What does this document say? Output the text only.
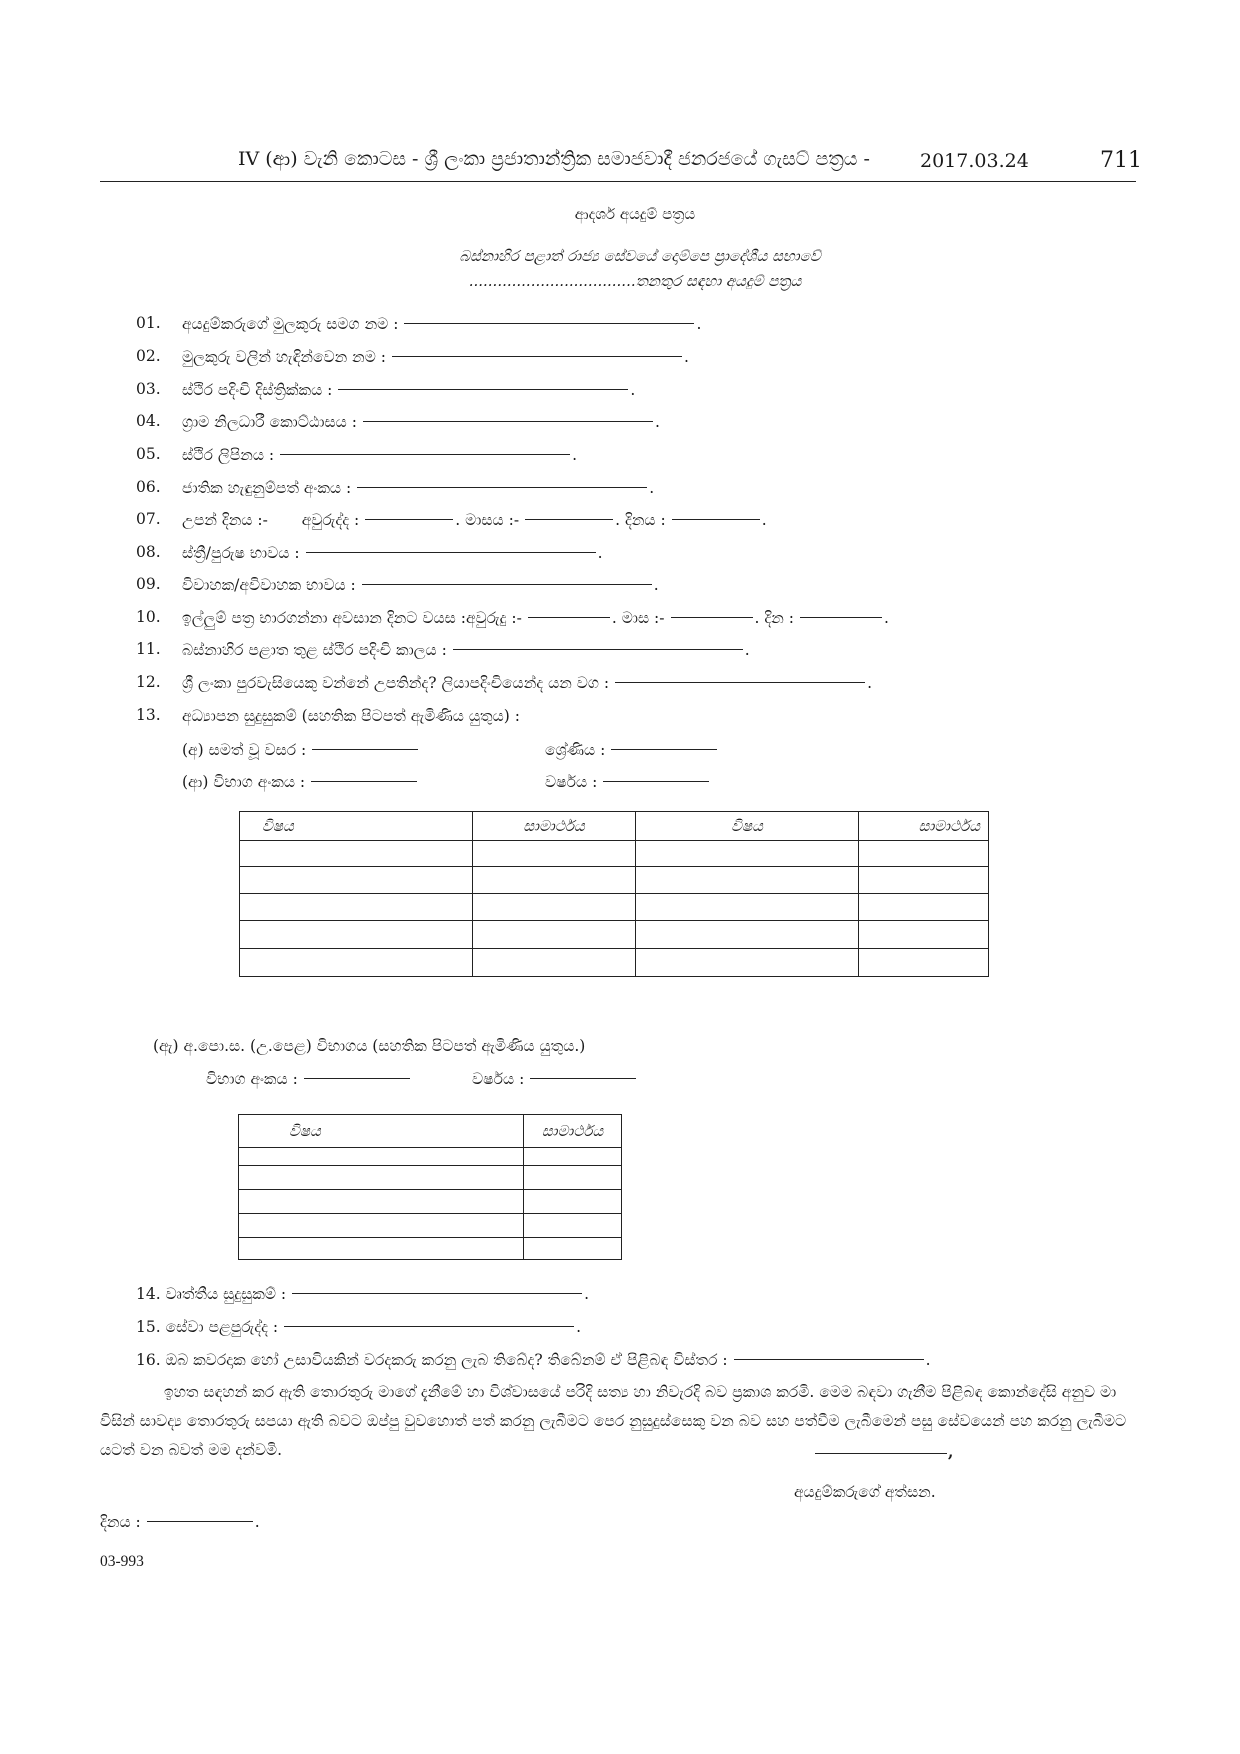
IV (ආ) වැනි කොටස - ශ්‍රී ලංකා ප්‍රජාතාන්ත්‍රික සමාජවාදී ජනරජයේ ගැසට් පත්‍රය -	2017.03.24	711
ආදර්ශ අයදුම් පත්‍රය
බස්නාහිර පළාත් රාජ්‍ය සේවයේ දොම්පෙ ප්‍රාදේශීය සභාවේ
...................................තනතුර සඳහා අයදුම් පත්‍රය
01. අයදුම්කරුගේ මුලකුරු සමග නම :	.
02. මුලකුරු වලින් හැඳින්වෙන නම :	.
03. ස්ථිර පදිංචි දිස්ත්‍රික්කය :	.
04. ග්‍රාම නිලධාරී කොට්ඨාසය :	.
05. ස්ථිර ලිපිනය :	.
06. ජාතික හැඳුනුම්පත් අංකය :	.
07. උපන් දිනය :- අවුරුද්ද :	. මාසය :-	. දිනය :	.
08. ස්ත්‍රී/පුරුෂ භාවය :	.
09. විවාහක/අවිවාහක භාවය :	.
10. ඉල්ලුම් පත්‍ර භාරගන්නා අවසාන දිනට වයස :අවුරුදු :-	. මාස :-	. දින :	.
11. බස්නාහිර පළාත තුළ ස්ථිර පදිංචි කාලය :	.
12. ශ්‍රී ලංකා පුරවැසියෙකු වන්නේ උපතින්ද? ලියාපදිංචියෙන්ද යන වග :	.
13. අධ්‍යාපන සුදුසුකම් (සහතික පිටපත් ඇමිණිය යුතුය) :
(අ) සමත් වූ වසර :	ශ්‍රේණිය :
(ආ) විභාග අංකය :	වර්ෂය :
විෂය	සාමාර්ථය	විෂය	සාමාර්ථය

(ඇ) අ.පො.ස. (උ.පෙළ) විභාගය (සහතික පිටපත් ඇමිණිය යුතුය.)
විභාග අංකය :	වර්ෂය :
විෂය	සාමාර්ථය

14. වෘත්තීය සුදුසුකම් :	.
15. සේවා පළපුරුද්ද :	.
16. ඔබ කවරදාක හෝ උසාවියකින් වරදකරු කරනු ලැබ තිබේද? තිබේනම් ඒ පිළිබඳ විස්තර :	.
ඉහත සඳහන් කර ඇති තොරතුරු මාගේ දැනීමේ හා විශ්වාසයේ පරිදි සත්‍ය හා නිවැරදි බව ප්‍රකාශ කරමි. මෙම බඳවා ගැනීම පිළිබඳ කොන්දේසි අනුව මා විසින් සාවද්‍ය තොරතුරු සපයා ඇති බවට ඔප්පු වුවහොත් පත් කරනු ලැබීමට පෙර නුසුදුස්සෙකු වන බව සහ පත්වීම ලැබීමෙන් පසු සේවයෙන් පහ කරනු ලැබීමට යටත් වන බවත් මම දන්වමි.	,
අයදුම්කරුගේ අත්සන.
දිනය :	.
03-993
